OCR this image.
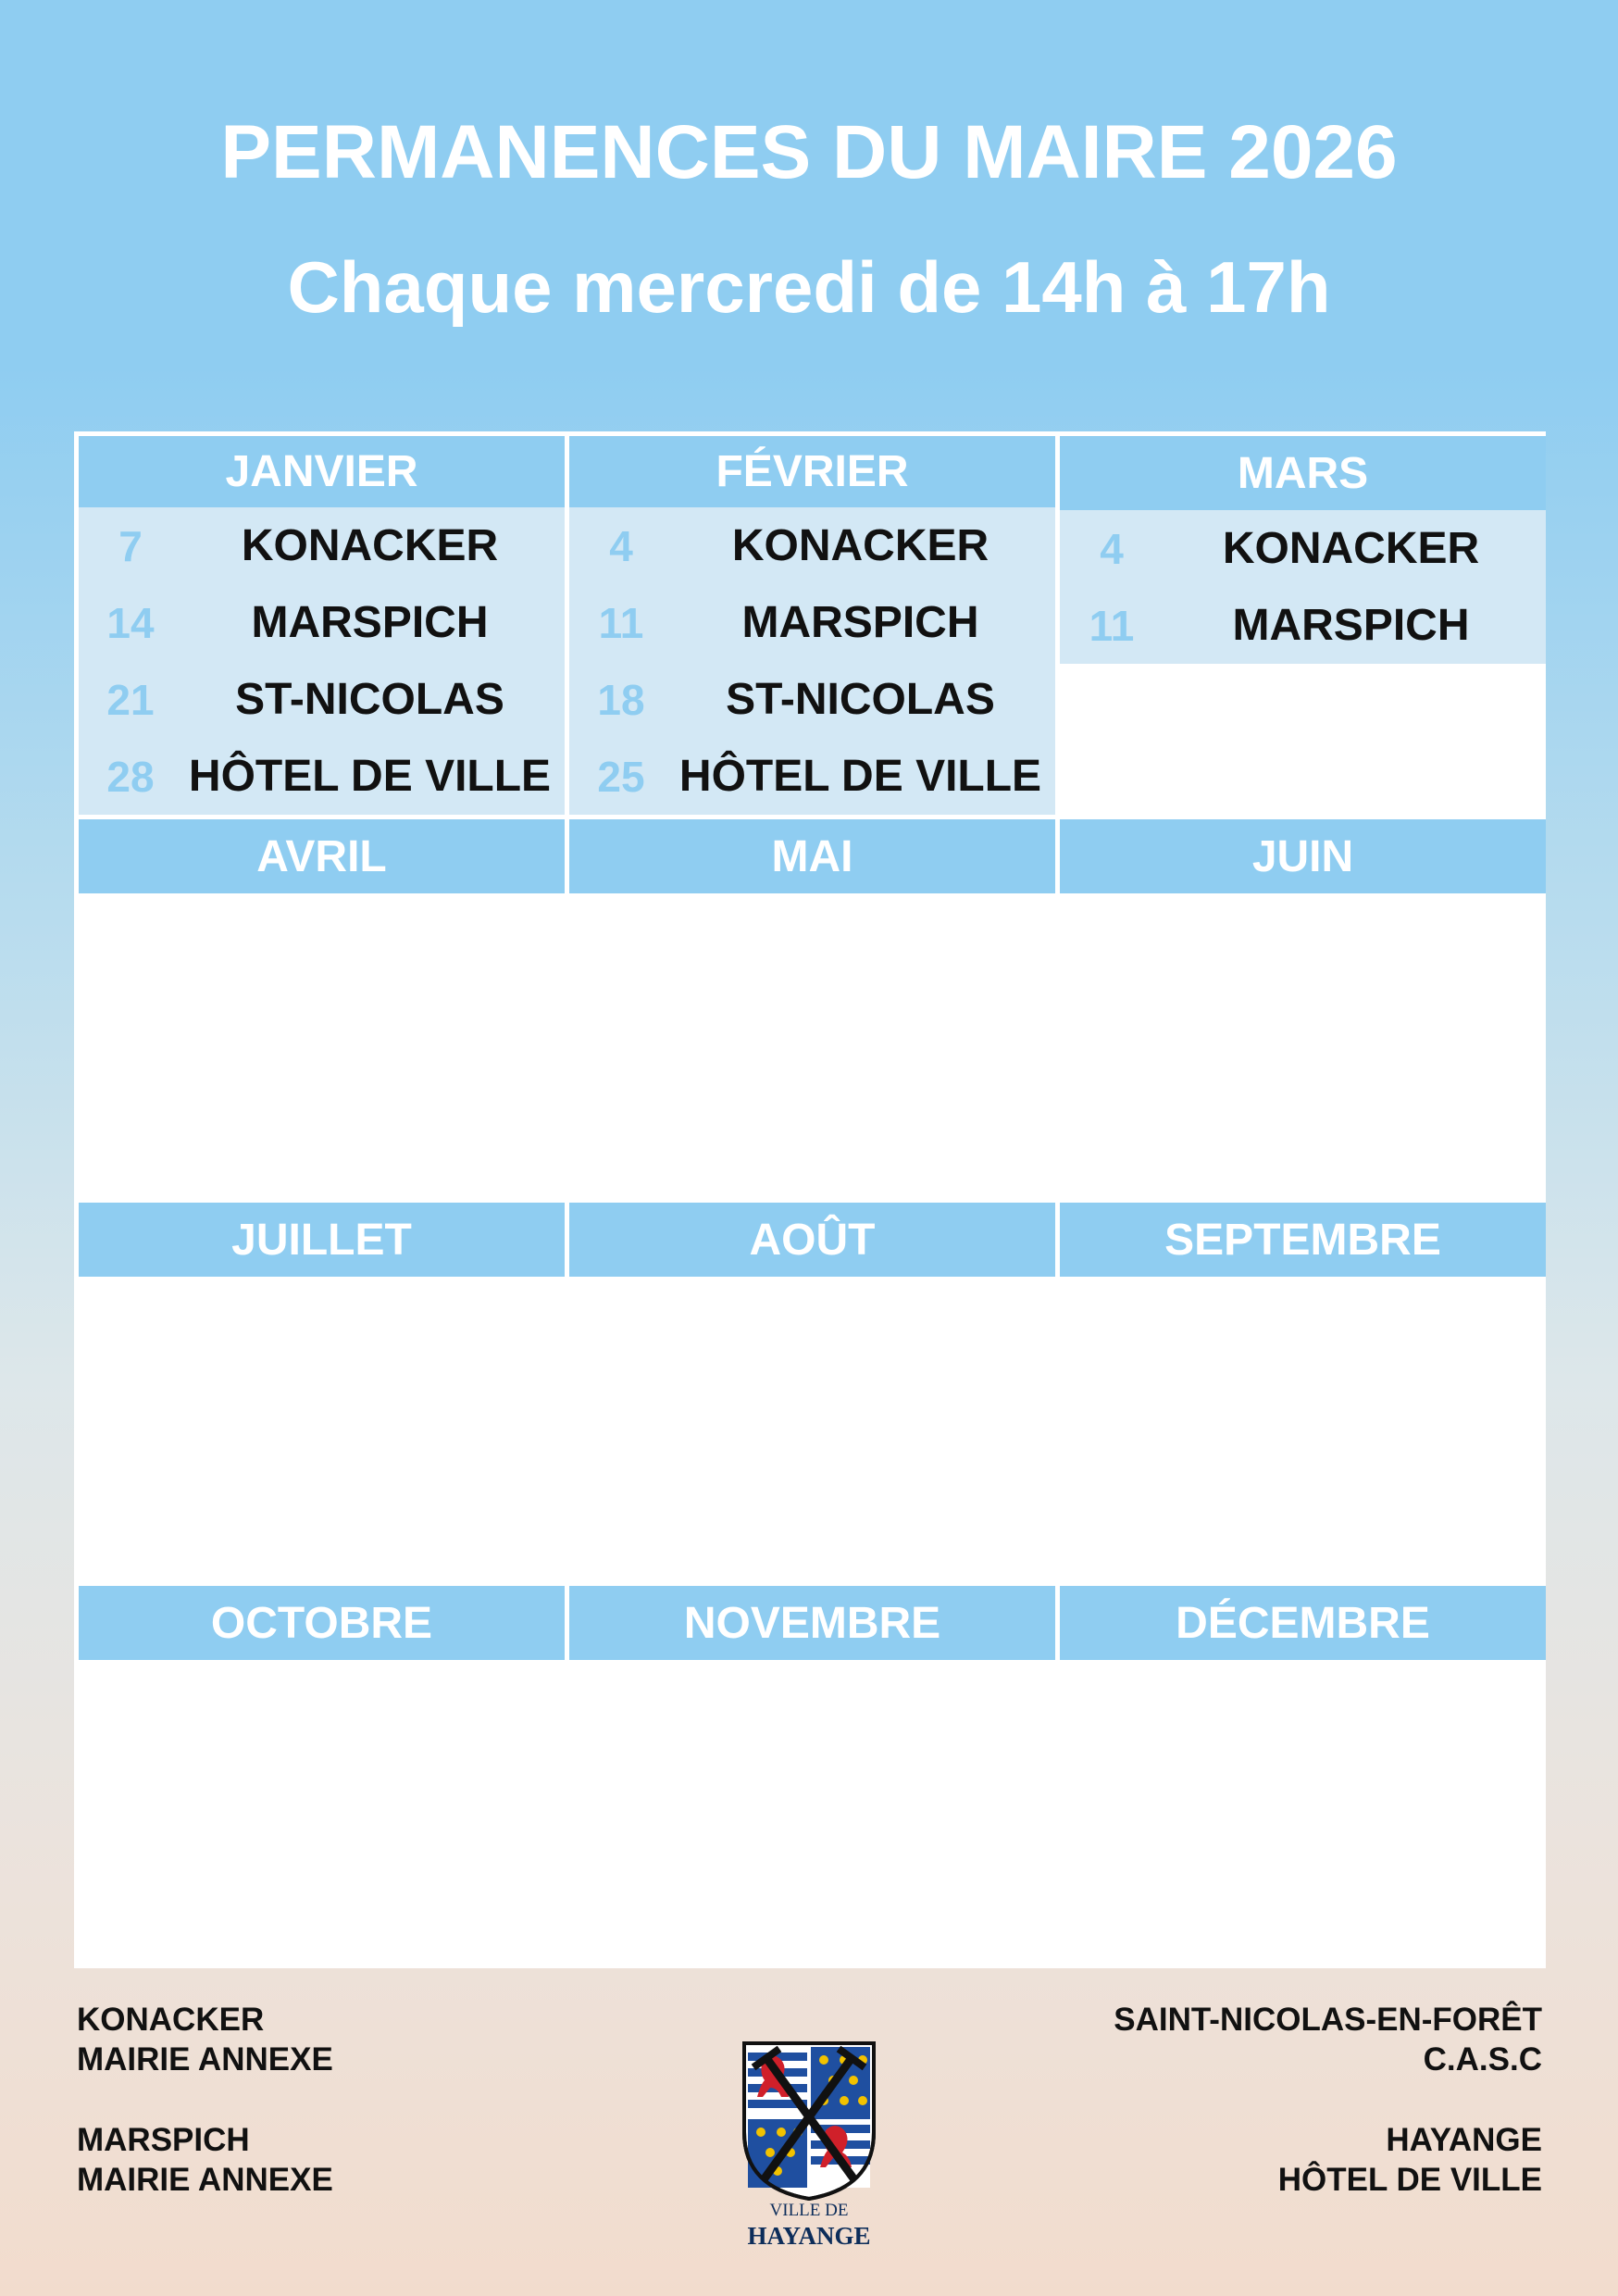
PERMANENCES DU MAIRE 2026
Chaque mercredi de 14h à 17h
JANVIER
7	KONACKER
14	MARSPICH
21	ST-NICOLAS
28 HÔTEL DE VILLE
FÉVRIER
4	KONACKER
11	MARSPICH
18	ST-NICOLAS
25 HÔTEL DE VILLE
MARS
4	KONACKER
11	MARSPICH
AVRIL	MAI	JUIN
JUILLET	AOÛT	SEPTEMBRE
OCTOBRE	NOVEMBRE	DÉCEMBRE
KONACKER
MAIRIE ANNEXE
MARSPICH
MAIRIE ANNEXE
SAINT-NICOLAS-EN-FORÊT
C.A.S.C
HAYANGE
HÔTEL DE VILLE
VILLE DE
HAYANGE
